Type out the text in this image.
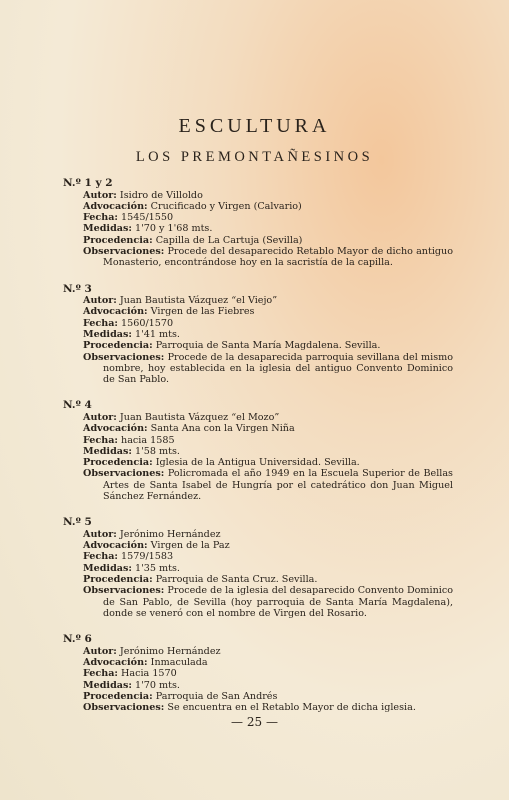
ESCULTURA
LOS PREMONTAÑESINOS
N.º 1 y 2
Autor: Isidro de Villoldo
Advocación: Crucificado y Virgen (Calvario)
Fecha: 1545/1550
Medidas: 1'70 y 1'68 mts.
Procedencia: Capilla de La Cartuja (Sevilla)
Observaciones: Procede del desaparecido Retablo Mayor de dicho antiguo Monasterio, encontrándose hoy en la sacristía de la capilla.
N.º 3
Autor: Juan Bautista Vázquez “el Viejo”
Advocación: Virgen de las Fiebres
Fecha: 1560/1570
Medidas: 1'41 mts.
Procedencia: Parroquia de Santa María Magdalena. Sevilla.
Observaciones: Procede de la desaparecida parroquia sevillana del mismo nombre, hoy establecida en la iglesia del antiguo Convento Dominico de San Pablo.
N.º 4
Autor: Juan Bautista Vázquez “el Mozo”
Advocación: Santa Ana con la Virgen Niña
Fecha: hacia 1585
Medidas: 1'58 mts.
Procedencia: Iglesia de la Antigua Universidad. Sevilla.
Observaciones: Policromada el año 1949 en la Escuela Superior de Bellas Artes de Santa Isabel de Hungría por el catedrático don Juan Miguel Sánchez Fernández.
N.º 5
Autor: Jerónimo Hernández
Advocación: Virgen de la Paz
Fecha: 1579/1583
Medidas: 1'35 mts.
Procedencia: Parroquia de Santa Cruz. Sevilla.
Observaciones: Procede de la iglesia del desaparecido Convento Dominico de San Pablo, de Sevilla (hoy parroquia de Santa María Magdalena), donde se veneró con el nombre de Virgen del Rosario.
N.º 6
Autor: Jerónimo Hernández
Advocación: Inmaculada
Fecha: Hacia 1570
Medidas: 1'70 mts.
Procedencia: Parroquia de San Andrés
Observaciones: Se encuentra en el Retablo Mayor de dicha iglesia.
— 25 —
